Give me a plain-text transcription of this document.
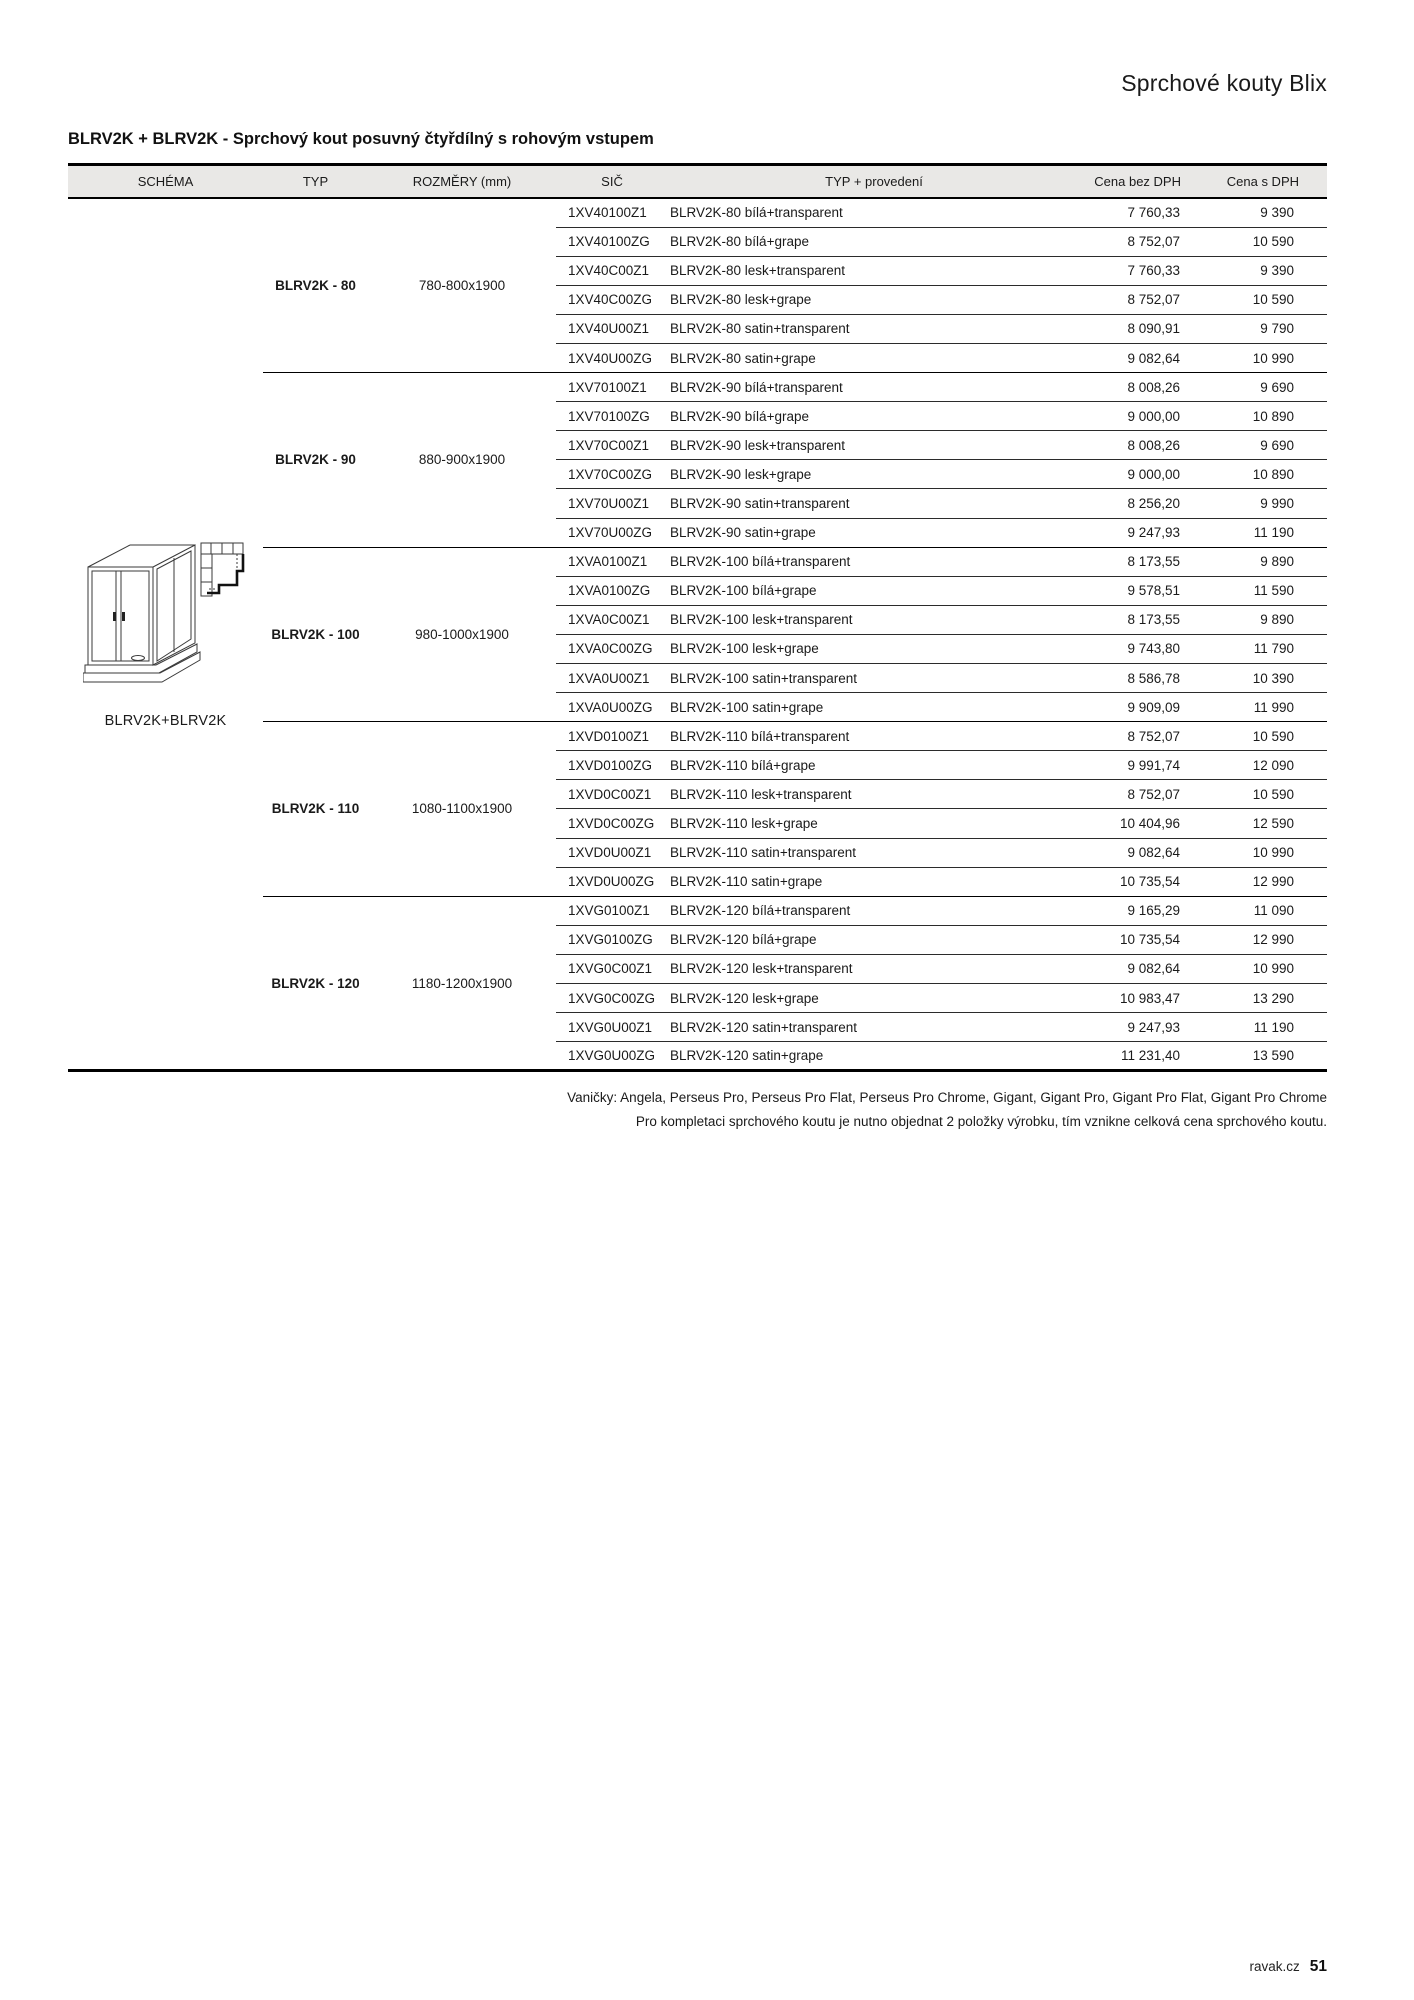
Sprchové kouty Blix
BLRV2K + BLRV2K - Sprchový kout posuvný čtyřdílný s rohovým vstupem
SCHÉMA	TYP	ROZMĚRY (mm)	SIČ	TYP + provedení	Cena bez DPH	Cena s DPH

BLRV2K+BLRV2K	BLRV2K - 80	780-800x1900	1XV40100Z1	BLRV2K-80 bílá+transparent	7 760,33	9 390
			1XV40100ZG	BLRV2K-80 bílá+grape	8 752,07	10 590
			1XV40C00Z1	BLRV2K-80 lesk+transparent	7 760,33	9 390
			1XV40C00ZG	BLRV2K-80 lesk+grape	8 752,07	10 590
			1XV40U00Z1	BLRV2K-80 satin+transparent	8 090,91	9 790
			1XV40U00ZG	BLRV2K-80 satin+grape	9 082,64	10 990
	BLRV2K - 90	880-900x1900	1XV70100Z1	BLRV2K-90 bílá+transparent	8 008,26	9 690
			1XV70100ZG	BLRV2K-90 bílá+grape	9 000,00	10 890
			1XV70C00Z1	BLRV2K-90 lesk+transparent	8 008,26	9 690
			1XV70C00ZG	BLRV2K-90 lesk+grape	9 000,00	10 890
			1XV70U00Z1	BLRV2K-90 satin+transparent	8 256,20	9 990
			1XV70U00ZG	BLRV2K-90 satin+grape	9 247,93	11 190
	BLRV2K - 100	980-1000x1900	1XVA0100Z1	BLRV2K-100 bílá+transparent	8 173,55	9 890
			1XVA0100ZG	BLRV2K-100 bílá+grape	9 578,51	11 590
			1XVA0C00Z1	BLRV2K-100 lesk+transparent	8 173,55	9 890
			1XVA0C00ZG	BLRV2K-100 lesk+grape	9 743,80	11 790
			1XVA0U00Z1	BLRV2K-100 satin+transparent	8 586,78	10 390
			1XVA0U00ZG	BLRV2K-100 satin+grape	9 909,09	11 990
	BLRV2K - 110	1080-1100x1900	1XVD0100Z1	BLRV2K-110 bílá+transparent	8 752,07	10 590
			1XVD0100ZG	BLRV2K-110 bílá+grape	9 991,74	12 090
			1XVD0C00Z1	BLRV2K-110 lesk+transparent	8 752,07	10 590
			1XVD0C00ZG	BLRV2K-110 lesk+grape	10 404,96	12 590
			1XVD0U00Z1	BLRV2K-110 satin+transparent	9 082,64	10 990
			1XVD0U00ZG	BLRV2K-110 satin+grape	10 735,54	12 990
	BLRV2K - 120	1180-1200x1900	1XVG0100Z1	BLRV2K-120 bílá+transparent	9 165,29	11 090
			1XVG0100ZG	BLRV2K-120 bílá+grape	10 735,54	12 990
			1XVG0C00Z1	BLRV2K-120 lesk+transparent	9 082,64	10 990
			1XVG0C00ZG	BLRV2K-120 lesk+grape	10 983,47	13 290
			1XVG0U00Z1	BLRV2K-120 satin+transparent	9 247,93	11 190
			1XVG0U00ZG	BLRV2K-120 satin+grape	11 231,40	13 590
Vaničky: Angela, Perseus Pro, Perseus Pro Flat, Perseus Pro Chrome, Gigant, Gigant Pro, Gigant Pro Flat, Gigant Pro Chrome
Pro kompletaci sprchového koutu je nutno objednat 2 položky výrobku, tím vznikne celková cena sprchového koutu.
ravak.cz 51
